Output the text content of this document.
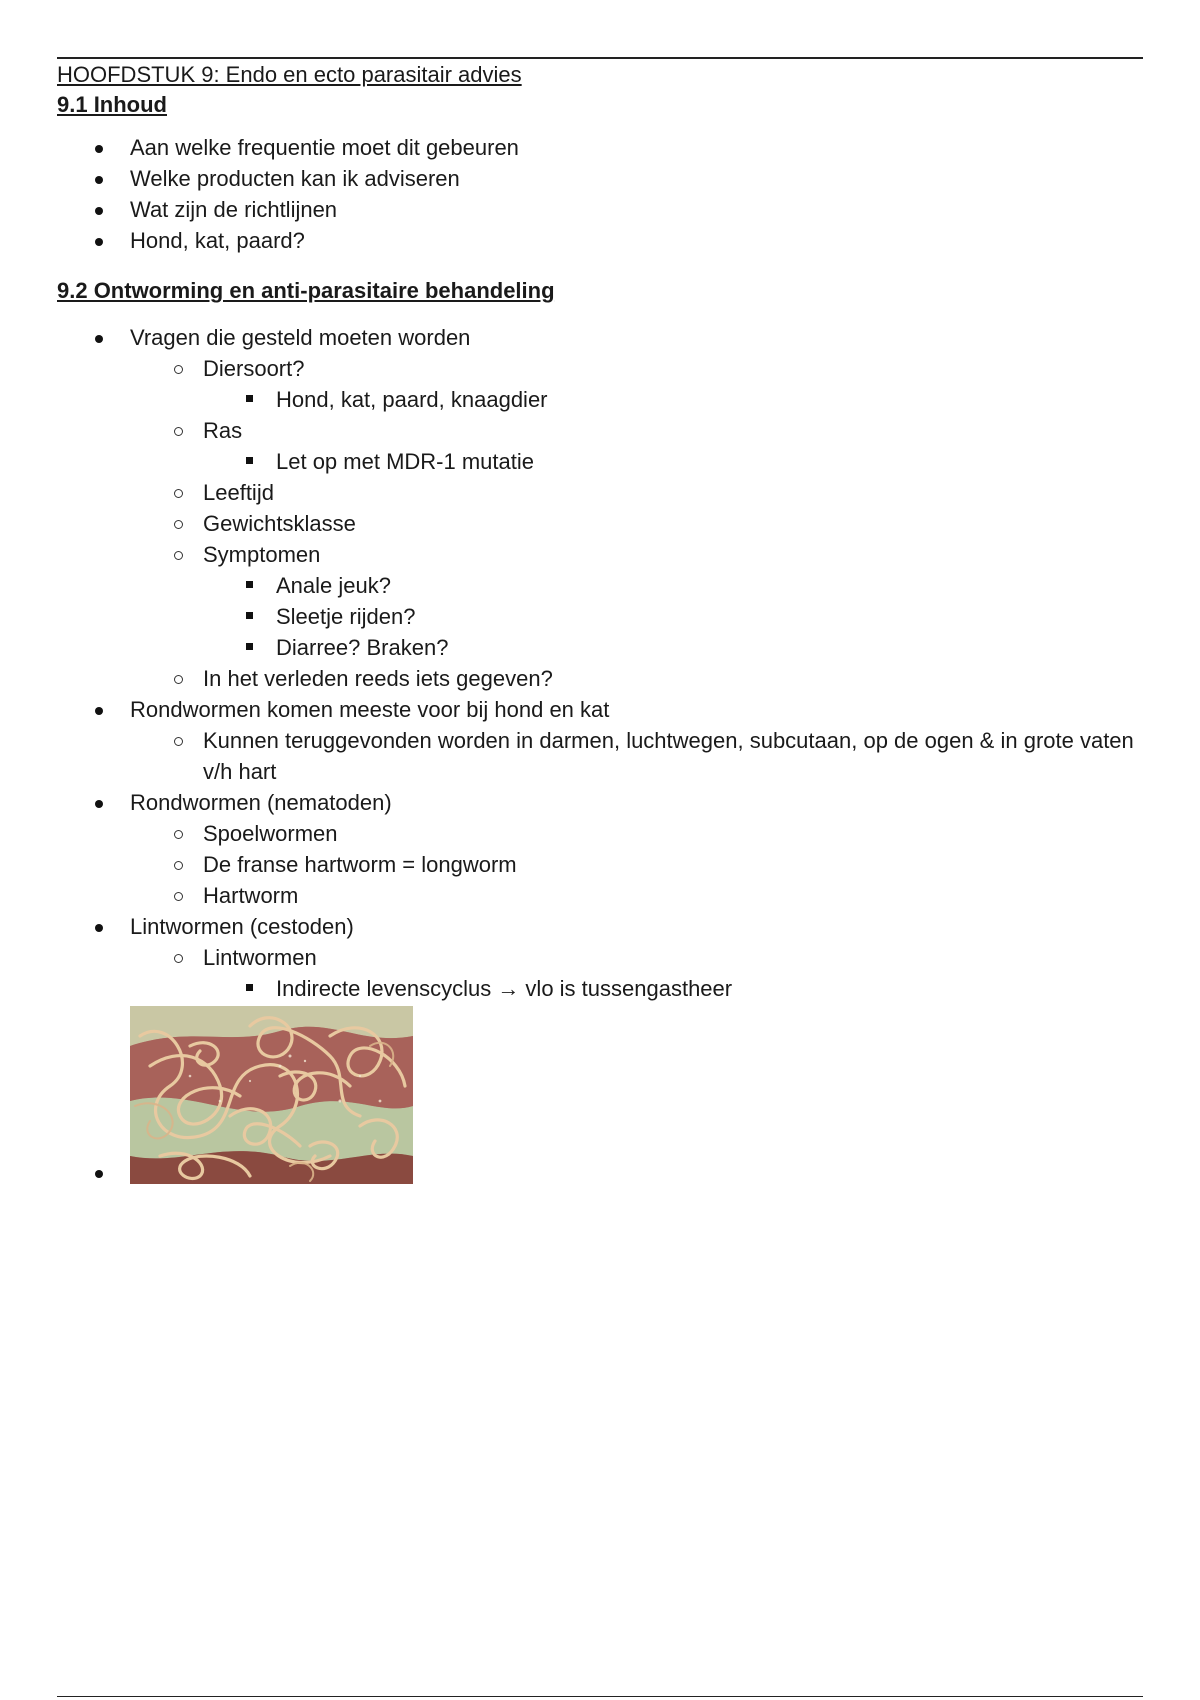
HOOFDSTUK 9: Endo en ecto parasitair advies
9.1 Inhoud
Aan welke frequentie moet dit gebeuren
Welke producten kan ik adviseren
Wat zijn de richtlijnen
Hond, kat, paard?
9.2 Ontworming en anti-parasitaire behandeling
Vragen die gesteld moeten worden
Diersoort?
Hond, kat, paard, knaagdier
Ras
Let op met MDR-1 mutatie
Leeftijd
Gewichtsklasse
Symptomen
Anale jeuk?
Sleetje rijden?
Diarree? Braken?
In het verleden reeds iets gegeven?
Rondwormen komen meeste voor bij hond en kat
Kunnen teruggevonden worden in darmen, luchtwegen, subcutaan, op de ogen & in grote vaten v/h hart
Rondwormen (nematoden)
Spoelwormen
De franse hartworm = longworm
Hartworm
Lintwormen (cestoden)
Lintwormen
Indirecte levenscyclus → vlo is tussengastheer
